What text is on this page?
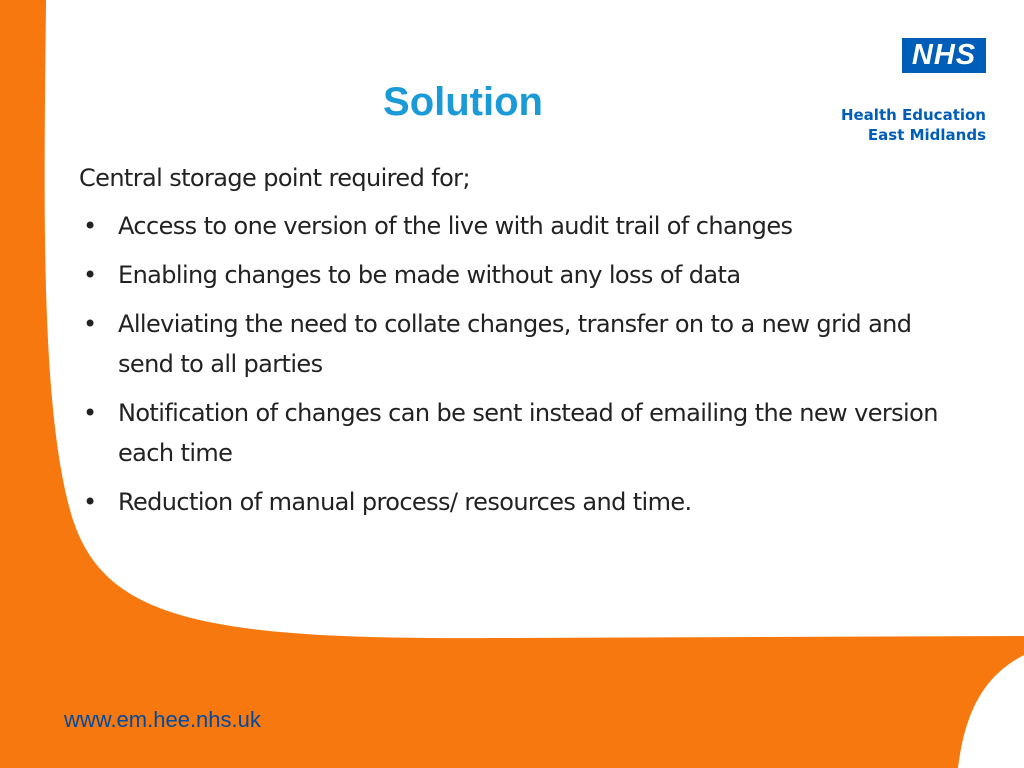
Solution
NHS
Health Education
East Midlands

Central storage point required for;

• Access to one version of the live with audit trail of changes
• Enabling changes to be made without any loss of data
• Alleviating the need to collate changes, transfer on to a new grid and send to all parties
• Notification of changes can be sent instead of emailing the new version each time
• Reduction of manual process/ resources and time.
www.em.hee.nhs.uk
